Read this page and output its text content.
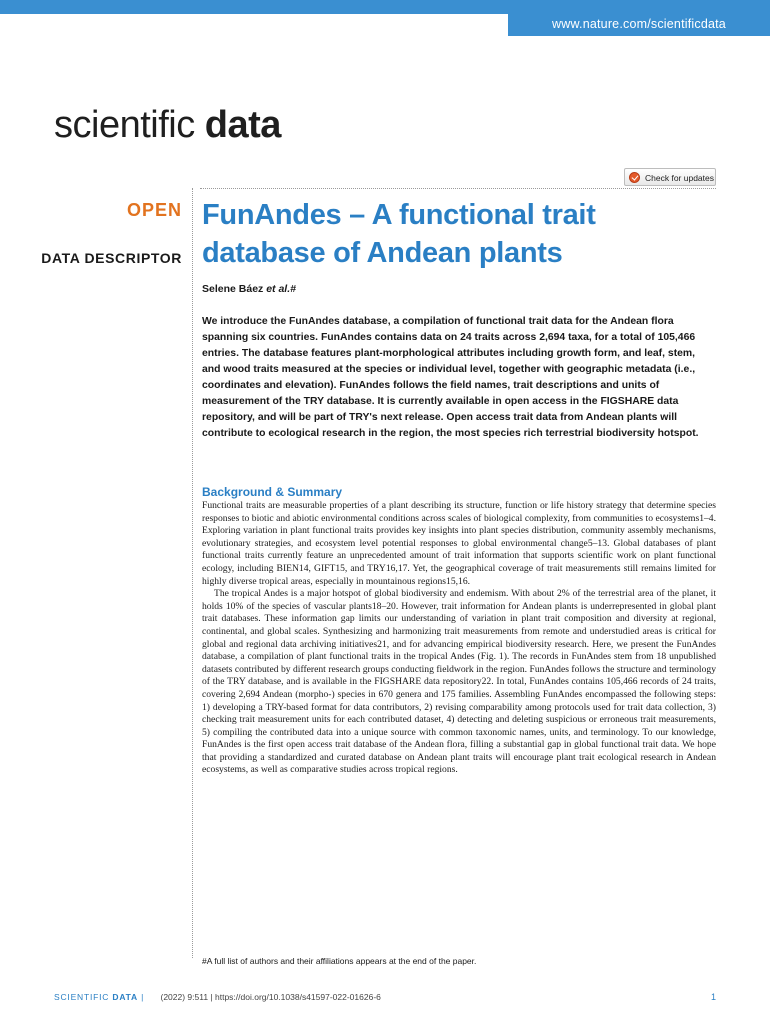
www.nature.com/scientificdata
scientific data
Check for updates
OPEN
DATA DESCRIPTOR
FunAndes – A functional trait database of Andean plants
Selene Báez et al.#

We introduce the FunAndes database, a compilation of functional trait data for the Andean flora spanning six countries. FunAndes contains data on 24 traits across 2,694 taxa, for a total of 105,466 entries. The database features plant-morphological attributes including growth form, and leaf, stem, and wood traits measured at the species or individual level, together with geographic metadata (i.e., coordinates and elevation). FunAndes follows the field names, trait descriptions and units of measurement of the TRY database. It is currently available in open access in the FIGSHARE data repository, and will be part of TRY's next release. Open access trait data from Andean plants will contribute to ecological research in the region, the most species rich terrestrial biodiversity hotspot.

Background & Summary

Functional traits are measurable properties of a plant describing its structure, function or life history strategy that determine species responses to biotic and abiotic environmental conditions across scales of biological complexity, from communities to ecosystems1–4. Exploring variation in plant functional traits provides key insights into plant species distribution, community assembly mechanisms, evolutionary strategies, and ecosystem level potential responses to global environmental change5–13. Global databases of plant functional traits currently feature an unprecedented amount of trait information that supports scientific work on plant functional ecology, including BIEN14, GIFT15, and TRY16,17. Yet, the geographical coverage of trait measurements still remains limited for highly diverse tropical areas, especially in mountainous regions15,16.

The tropical Andes is a major hotspot of global biodiversity and endemism. With about 2% of the terrestrial area of the planet, it holds 10% of the species of vascular plants18–20. However, trait information for Andean plants is underrepresented in global plant trait databases. These information gap limits our understanding of variation in plant trait composition and diversity at regional, continental, and global scales. Synthesizing and harmonizing trait measurements from remote and understudied areas is critical for global and regional data archiving initiatives21, and for advancing empirical biodiversity research. Here, we present the FunAndes database, a compilation of plant functional traits in the tropical Andes (Fig. 1). The records in FunAndes stem from 18 unpublished datasets contributed by different research groups conducting fieldwork in the region. FunAndes follows the structure and terminology of the TRY database, and is available in the FIGSHARE data repository22. In total, FunAndes contains 105,466 records of 24 traits, covering 2,694 Andean (morpho-) species in 670 genera and 175 families. Assembling FunAndes encompassed the following steps: 1) developing a TRY-based format for data contributors, 2) revising comparability among protocols used for trait data collection, 3) checking trait measurement units for each contributed dataset, 4) detecting and deleting suspicious or erroneous trait measurements, 5) compiling the contributed data into a unique source with common taxonomic names, units, and terminology. To our knowledge, FunAndes is the first open access trait database of the Andean flora, filling a substantial gap in global functional trait data. We hope that providing a standardized and curated database on Andean plant traits will encourage plant trait ecological research in Andean ecosystems, as well as comparative studies across tropical regions.

#A full list of authors and their affiliations appears at the end of the paper.
SCIENTIFIC DATA | (2022) 9:511 | https://doi.org/10.1038/s41597-022-01626-6	1
